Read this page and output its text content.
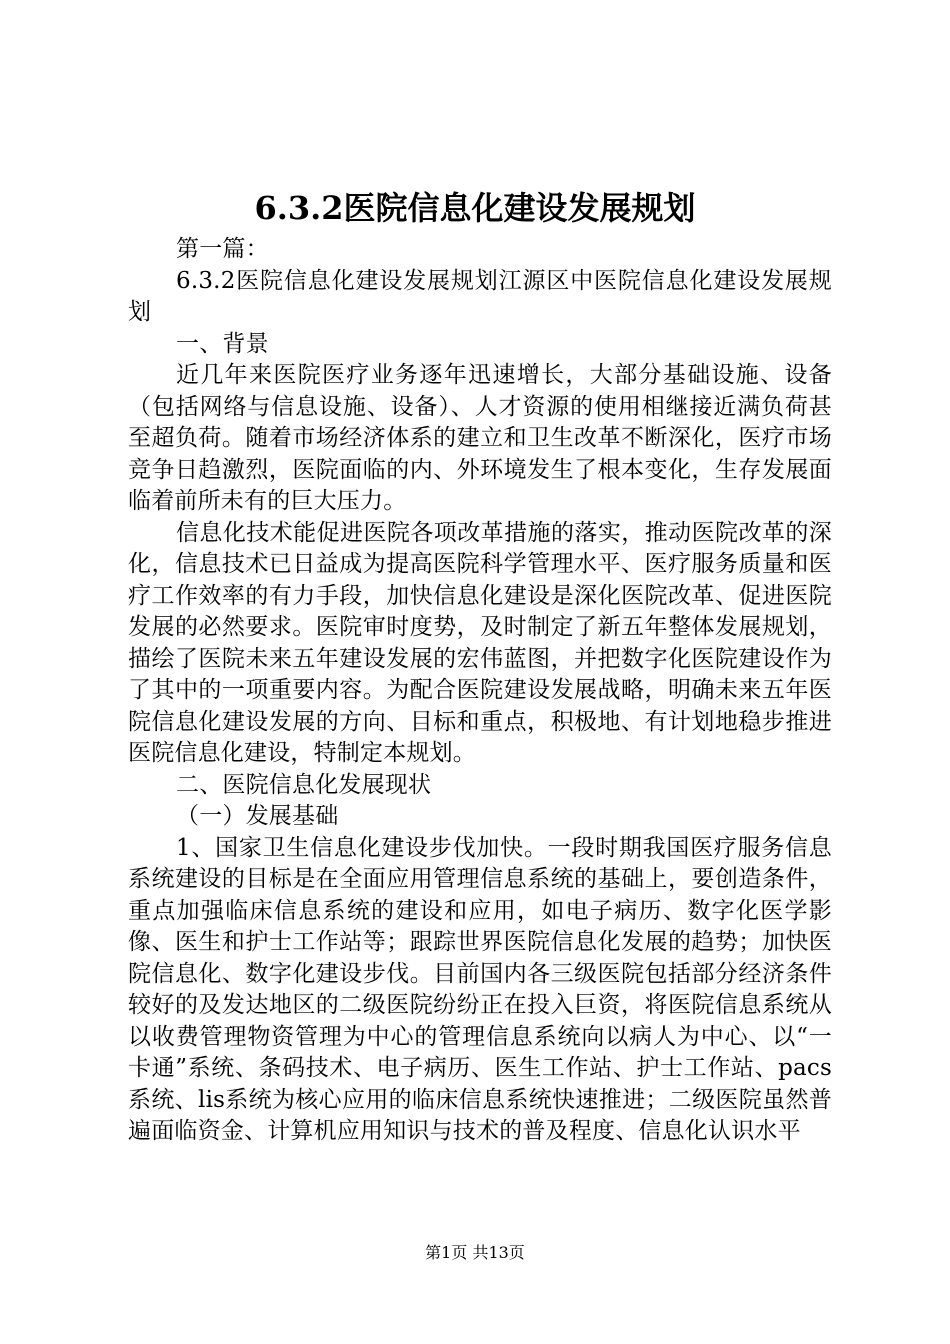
6.3.2医院信息化建设发展规划

第一篇：

6.3.2医院信息化建设发展规划江源区中医院信息化建设发展规划

一、背景

近几年来医院医疗业务逐年迅速增长，大部分基础设施、设备（包括网络与信息设施、设备）、人才资源的使用相继接近满负荷甚至超负荷。随着市场经济体系的建立和卫生改革不断深化，医疗市场竞争日趋激烈，医院面临的内、外环境发生了根本变化，生存发展面临着前所未有的巨大压力。

信息化技术能促进医院各项改革措施的落实，推动医院改革的深化，信息技术已日益成为提高医院科学管理水平、医疗服务质量和医疗工作效率的有力手段，加快信息化建设是深化医院改革、促进医院发展的必然要求。医院审时度势，及时制定了新五年整体发展规划，描绘了医院未来五年建设发展的宏伟蓝图，并把数字化医院建设作为了其中的一项重要内容。为配合医院建设发展战略，明确未来五年医院信息化建设发展的方向、目标和重点，积极地、有计划地稳步推进医院信息化建设，特制定本规划。

二、医院信息化发展现状

（一）发展基础

1、国家卫生信息化建设步伐加快。一段时期我国医疗服务信息系统建设的目标是在全面应用管理信息系统的基础上，要创造条件，重点加强临床信息系统的建设和应用，如电子病历、数字化医学影像、医生和护士工作站等；跟踪世界医院信息化发展的趋势；加快医院信息化、数字化建设步伐。目前国内各三级医院包括部分经济条件较好的及发达地区的二级医院纷纷正在投入巨资，将医院信息系统从以收费管理物资管理为中心的管理信息系统向以病人为中心、以“一卡通”系统、条码技术、电子病历、医生工作站、护士工作站、pacs系统、lis系统为核心应用的临床信息系统快速推进；二级医院虽然普遍面临资金、计算机应用知识与技术的普及程度、信息化认识水平

第1页 共13页
